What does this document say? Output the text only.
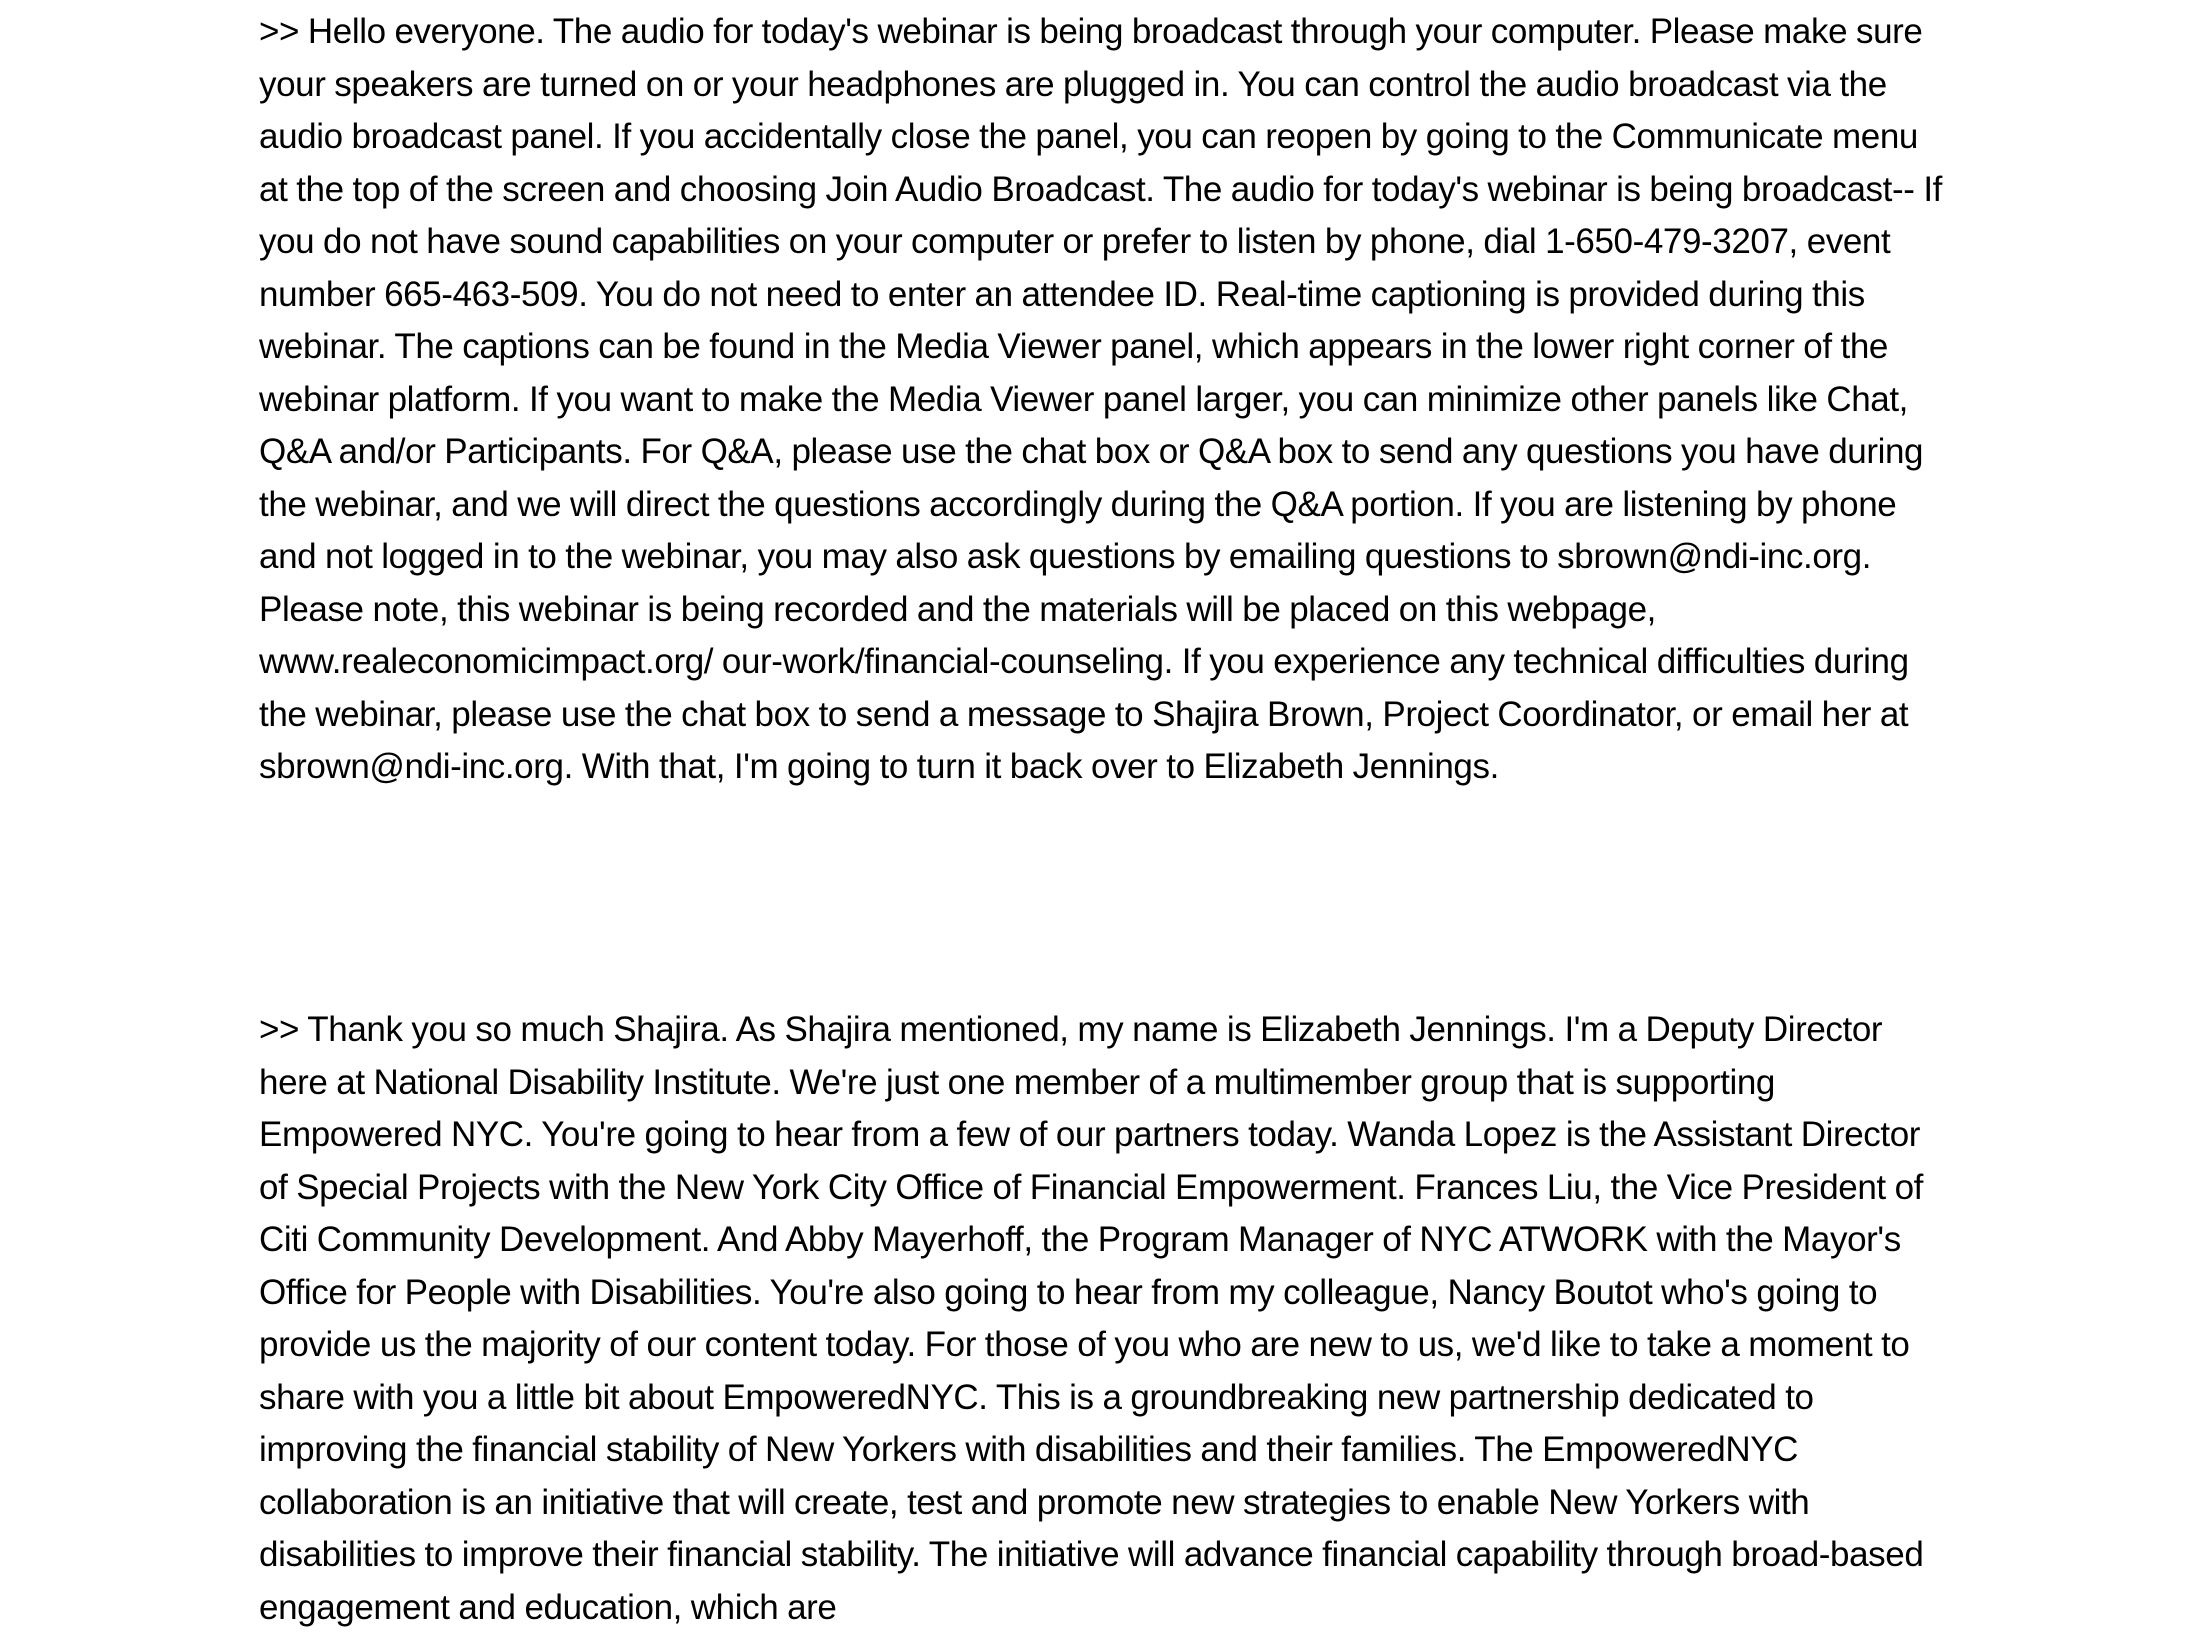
>> Hello everyone. The audio for today's webinar is being broadcast through your computer. Please make sure your speakers are turned on or your headphones are plugged in. You can control the audio broadcast via the audio broadcast panel. If you accidentally close the panel, you can reopen by going to the Communicate menu at the top of the screen and choosing Join Audio Broadcast. The audio for today's webinar is being broadcast-- If you do not have sound capabilities on your computer or prefer to listen by phone, dial 1-650-479-3207, event number 665-463-509. You do not need to enter an attendee ID. Real-time captioning is provided during this webinar. The captions can be found in the Media Viewer panel, which appears in the lower right corner of the webinar platform. If you want to make the Media Viewer panel larger, you can minimize other panels like Chat, Q&A and/or Participants. For Q&A, please use the chat box or Q&A box to send any questions you have during the webinar, and we will direct the questions accordingly during the Q&A portion. If you are listening by phone and not logged in to the webinar, you may also ask questions by emailing questions to sbrown@ndi-inc.org. Please note, this webinar is being recorded and the materials will be placed on this webpage, www.realeconomicimpact.org/ our-work/financial-counseling. If you experience any technical difficulties during the webinar, please use the chat box to send a message to Shajira Brown, Project Coordinator, or email her at sbrown@ndi-inc.org. With that, I'm going to turn it back over to Elizabeth Jennings.

>> Thank you so much Shajira. As Shajira mentioned, my name is Elizabeth Jennings. I'm a Deputy Director here at National Disability Institute. We're just one member of a multimember group that is supporting Empowered NYC. You're going to hear from a few of our partners today. Wanda Lopez is the Assistant Director of Special Projects with the New York City Office of Financial Empowerment. Frances Liu, the Vice President of Citi Community Development. And Abby Mayerhoff, the Program Manager of NYC ATWORK with the Mayor's Office for People with Disabilities. You're also going to hear from my colleague, Nancy Boutot who's going to provide us the majority of our content today. For those of you who are new to us, we'd like to take a moment to share with you a little bit about EmpoweredNYC. This is a groundbreaking new partnership dedicated to improving the financial stability of New Yorkers with disabilities and their families. The EmpoweredNYC collaboration is an initiative that will create, test and promote new strategies to enable New Yorkers with disabilities to improve their financial stability. The initiative will advance financial capability through broad-based engagement and education, which are
